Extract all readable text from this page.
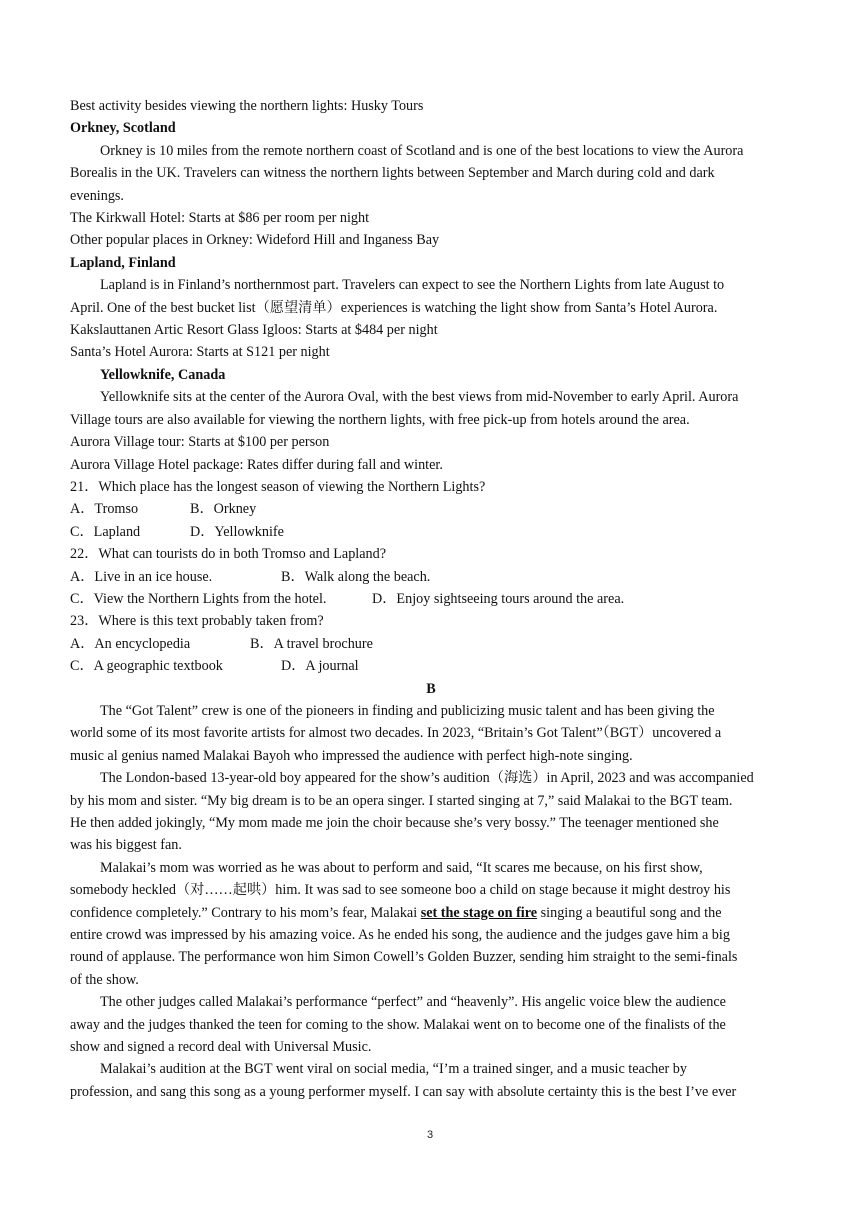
Best activity besides viewing the northern lights: Husky Tours
Orkney, Scotland
Orkney is 10 miles from the remote northern coast of Scotland and is one of the best locations to view the Aurora
Borealis in the UK. Travelers can witness the northern lights between September and March during cold and dark
evenings.
The Kirkwall Hotel: Starts at $86 per room per night
Other popular places in Orkney: Wideford Hill and Inganess Bay
Lapland, Finland
Lapland is in Finland’s northernmost part. Travelers can expect to see the Northern Lights from late August to
April. One of the best bucket list（愿望清单）experiences is watching the light show from Santa’s Hotel Aurora.
Kakslauttanen Artic Resort Glass Igloos: Starts at $484 per night
Santa’s Hotel Aurora: Starts at S121 per night
Yellowknife, Canada
Yellowknife sits at the center of the Aurora Oval, with the best views from mid-November to early April. Aurora
Village tours are also available for viewing the northern lights, with free pick-up from hotels around the area.
Aurora Village tour: Starts at $100 per person
Aurora Village Hotel package: Rates differ during fall and winter.
21．Which place has the longest season of viewing the Northern Lights?
A．Tromso	B．Orkney
C．Lapland	D．Yellowknife
22．What can tourists do in both Tromso and Lapland?
A．Live in an ice house.	B．Walk along the beach.
C．View the Northern Lights from the hotel.	D．Enjoy sightseeing tours around the area.
23．Where is this text probably taken from?
A．An encyclopedia	B．A travel brochure
C．A geographic textbook	D．A journal
B
The “Got Talent” crew is one of the pioneers in finding and publicizing music talent and has been giving the
world some of its most favorite artists for almost two decades. In 2023, “Britain’s Got Talent”（BGT）uncovered a
music al genius named Malakai Bayoh who impressed the audience with perfect high-note singing.
The London-based 13-year-old boy appeared for the show’s audition（海选）in April, 2023 and was accompanied
by his mom and sister. “My big dream is to be an opera singer. I started singing at 7,” said Malakai to the BGT team.
He then added jokingly, “My mom made me join the choir because she’s very bossy.” The teenager mentioned she
was his biggest fan.
Malakai’s mom was worried as he was about to perform and said, “It scares me because, on his first show,
somebody heckled（对……起哄）him. It was sad to see someone boo a child on stage because it might destroy his
confidence completely.” Contrary to his mom’s fear, Malakai set the stage on fire singing a beautiful song and the
entire crowd was impressed by his amazing voice. As he ended his song, the audience and the judges gave him a big
round of applause. The performance won him Simon Cowell’s Golden Buzzer, sending him straight to the semi-finals
of the show.
The other judges called Malakai’s performance “perfect” and “heavenly”. His angelic voice blew the audience
away and the judges thanked the teen for coming to the show. Malakai went on to become one of the finalists of the
show and signed a record deal with Universal Music.
Malakai’s audition at the BGT went viral on social media, “I’m a trained singer, and a music teacher by
profession, and sang this song as a young performer myself. I can say with absolute certainty this is the best I’ve ever
3
